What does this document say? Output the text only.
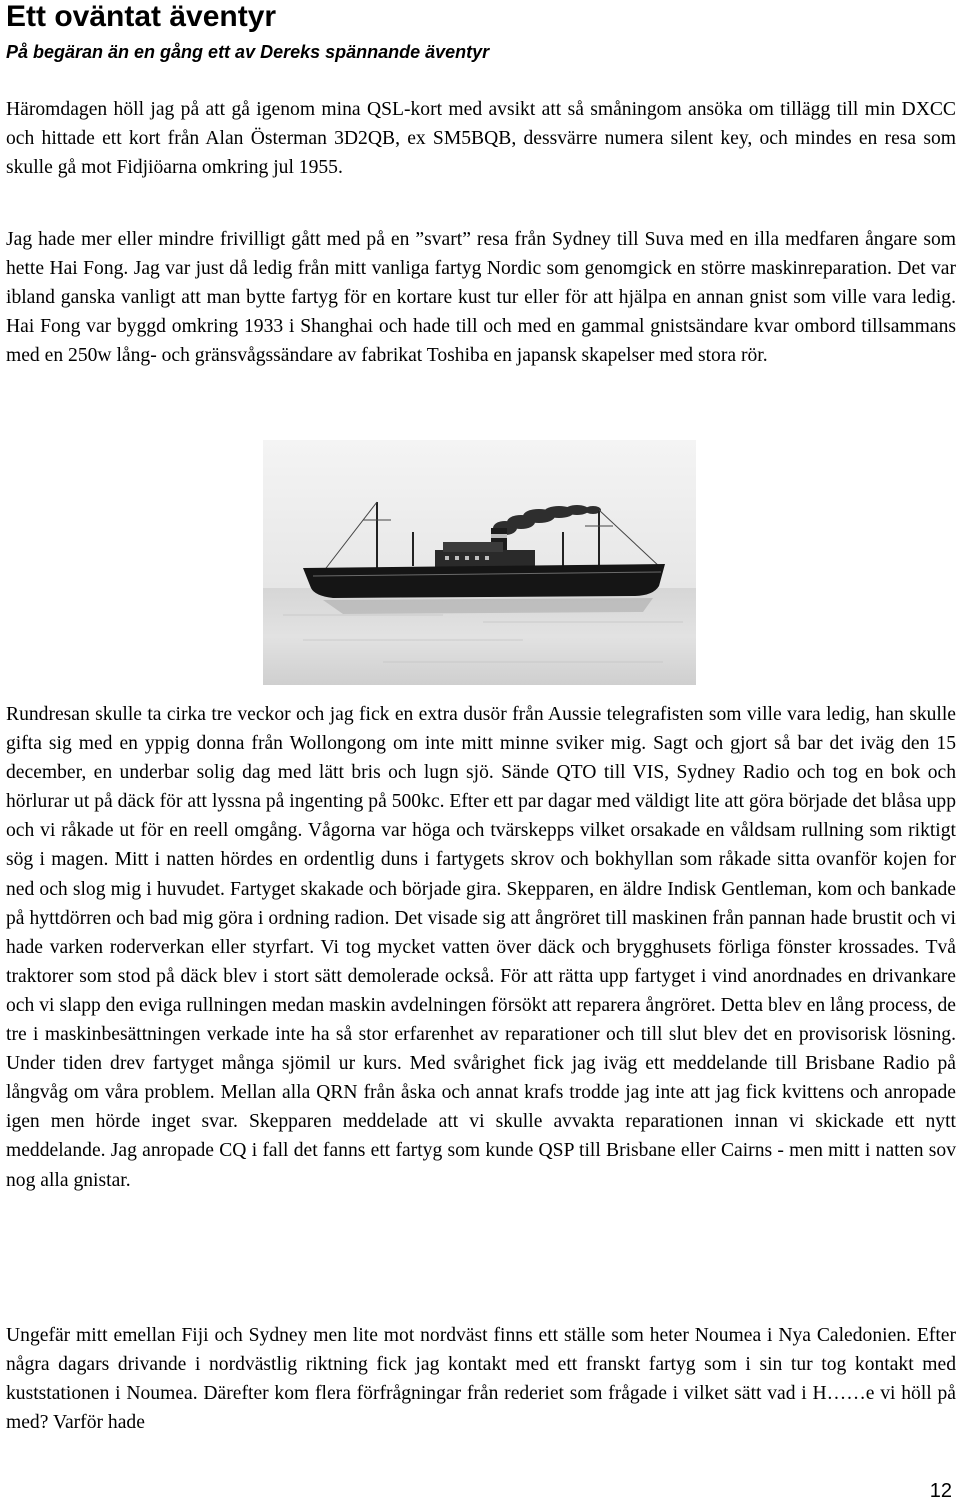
Ett oväntat äventyr

På begäran än en gång ett av Dereks spännande äventyr

Häromdagen höll jag på att gå igenom mina QSL-kort med avsikt att så småningom ansöka om tillägg till min DXCC och hittade ett kort från Alan Österman 3D2QB, ex SM5BQB, dessvärre numera silent key, och mindes en resa som skulle gå mot Fidjiöarna omkring jul 1955.

Jag hade mer eller mindre frivilligt gått med på en ”svart” resa från Sydney till Suva med en illa medfaren ångare som hette Hai Fong. Jag var just då ledig från mitt vanliga fartyg Nordic som genomgick en större maskinreparation. Det var ibland ganska vanligt att man bytte fartyg för en kortare kust tur eller för att hjälpa en annan gnist som ville vara ledig. Hai Fong var byggd omkring 1933 i Shanghai och hade till och med en gammal gnistsändare kvar ombord tillsammans med en 250w lång- och gränsvågssändare av fabrikat Toshiba en japansk skapelser med stora rör.

Rundresan skulle ta cirka tre veckor och jag fick en extra dusör från Aussie telegrafisten som ville vara ledig, han skulle gifta sig med en yppig donna från Wollongong om inte mitt minne sviker mig. Sagt och gjort så bar det iväg den 15 december, en underbar solig dag med lätt bris och lugn sjö. Sände QTO till VIS, Sydney Radio och tog en bok och hörlurar ut på däck för att lyssna på ingenting på 500kc. Efter ett par dagar med väldigt lite att göra började det blåsa upp och vi råkade ut för en reell omgång. Vågorna var höga och tvärskepps vilket orsakade en våldsam rullning som riktigt sög i magen. Mitt i natten hördes en ordentlig duns i fartygets skrov och bokhyllan som råkade sitta ovanför kojen for ned och slog mig i huvudet. Fartyget skakade och började gira. Skepparen, en äldre Indisk Gentleman, kom och bankade på hyttdörren och bad mig göra i ordning radion. Det visade sig att ångröret till maskinen från pannan hade brustit och vi hade varken roderverkan eller styrfart. Vi tog mycket vatten över däck och brygghusets förliga fönster krossades. Två traktorer som stod på däck blev i stort sätt demolerade också. För att rätta upp fartyget i vind anordnades en drivankare och vi slapp den eviga rullningen medan maskin avdelningen försökt att reparera ångröret. Detta blev en lång process, de tre i maskinbesättningen verkade inte ha så stor erfarenhet av reparationer och till slut blev det en provisorisk lösning. Under tiden drev fartyget många sjömil ur kurs. Med svårighet fick jag iväg ett meddelande till Brisbane Radio på långvåg om våra problem. Mellan alla QRN från åska och annat krafs trodde jag inte att jag fick kvittens och anropade igen men hörde inget svar. Skepparen meddelade att vi skulle avvakta reparationen innan vi skickade ett nytt meddelande. Jag anropade CQ i fall det fanns ett fartyg som kunde QSP till Brisbane eller Cairns - men mitt i natten sov nog alla gnistar.

Ungefär mitt emellan Fiji och Sydney men lite mot nordväst finns ett ställe som heter Noumea i Nya Caledonien. Efter några dagars drivande i nordvästlig riktning fick jag kontakt med ett franskt fartyg som i sin tur tog kontakt med kuststationen i Noumea. Därefter kom flera förfrågningar från rederiet som frågade i vilket sätt vad i H……e vi höll på med? Varför hade

12
